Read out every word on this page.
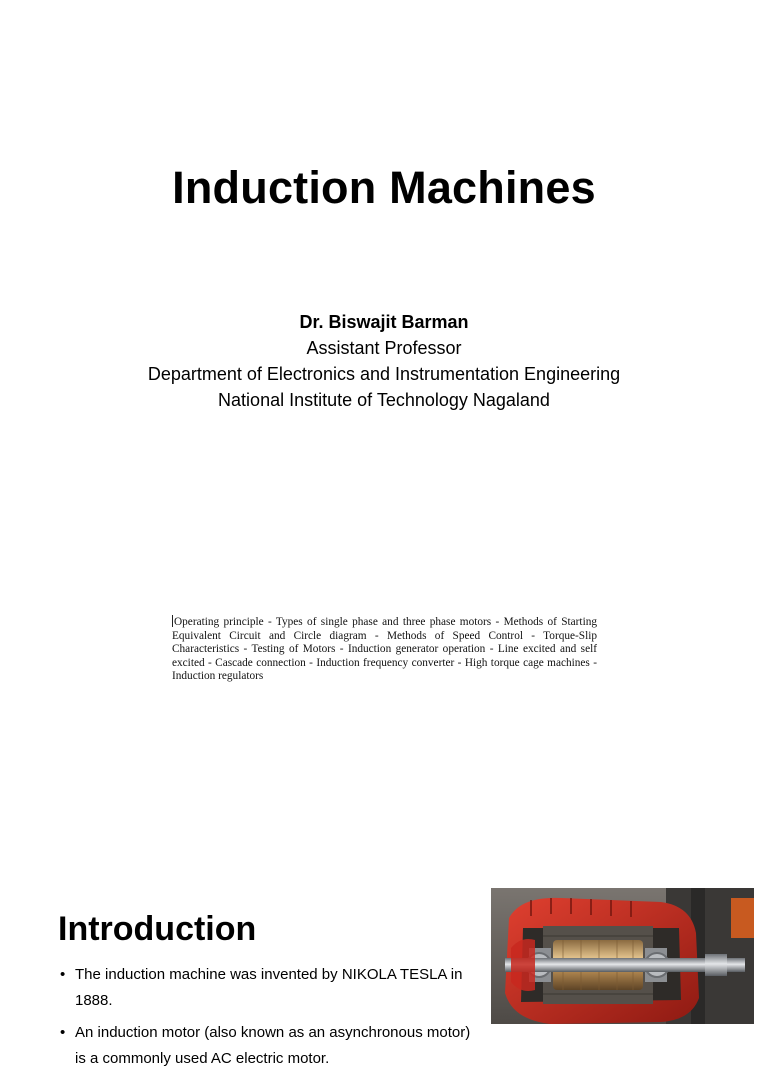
Induction Machines
Dr. Biswajit Barman
Assistant Professor
Department of Electronics and Instrumentation Engineering
National Institute of Technology Nagaland
Operating principle - Types of single phase and three phase motors - Methods of Starting Equivalent Circuit and Circle diagram - Methods of Speed Control - Torque-Slip Characteristics - Testing of Motors - Induction generator operation - Line excited and self excited - Cascade connection - Induction frequency converter - High torque cage machines - Induction regulators
Introduction
• The induction machine was invented by NIKOLA TESLA in 1888.
• An induction motor (also known as an asynchronous motor) is a commonly used AC electric motor.
